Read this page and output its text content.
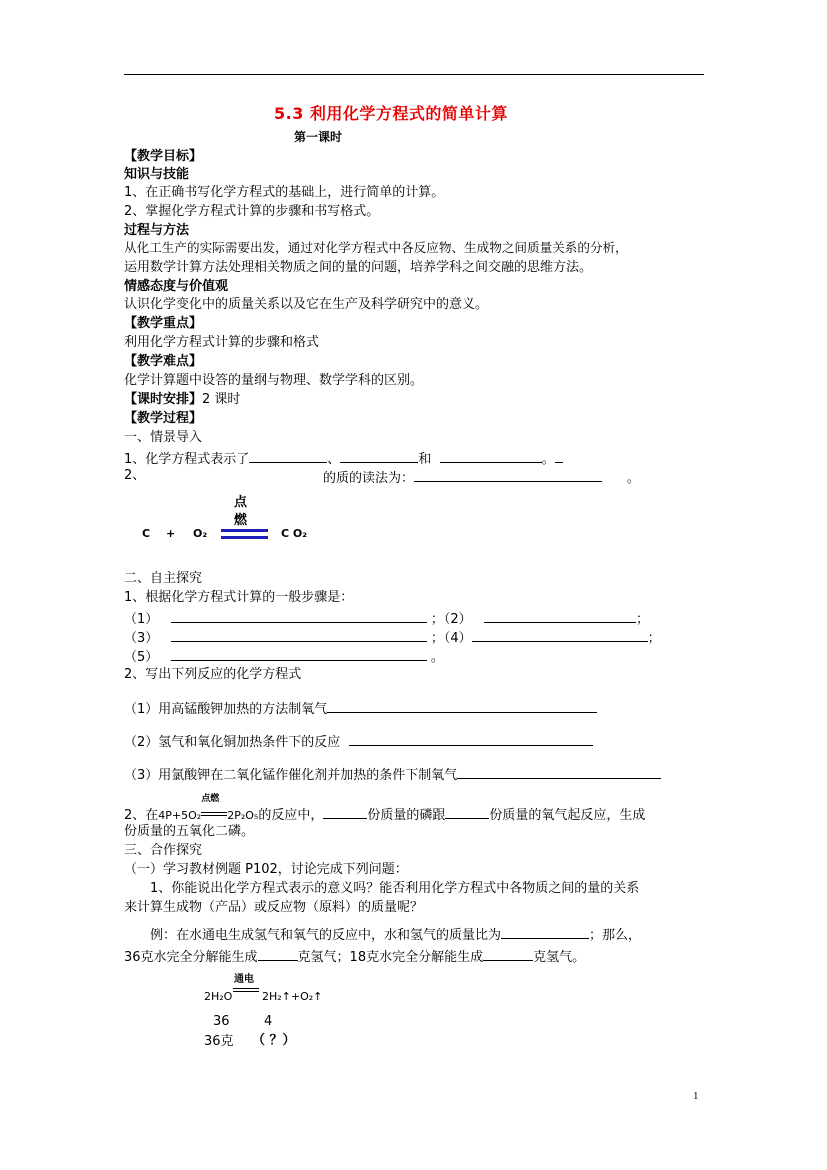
5.3 利用化学方程式的简单计算
第一课时
【教学目标】
知识与技能
1、在正确书写化学方程式的基础上，进行简单的计算。
2、掌握化学方程式计算的步骤和书写格式。
过程与方法
从化工生产的实际需要出发，通过对化学方程式中各反应物、生成物之间质量关系的分析，
运用数学计算方法处理相关物质之间的量的问题，培养学科之间交融的思维方法。
情感态度与价值观
认识化学变化中的质量关系以及它在生产及科学研究中的意义。
【教学重点】
利用化学方程式计算的步骤和格式
【教学难点】
化学计算题中设答的量纲与物理、数学学科的区别。
【课时安排】2 课时
【教学过程】
一、情景导入
1、化学方程式表示了	、	和	。
2、	的质的读法为：	。
C + O₂
点
燃
C O₂
二、自主探究
1、根据化学方程式计算的一般步骤是：
（1）	；（2）	；
（3）	；（4）	；
（5）	。
2、写出下列反应的化学方程式
（1）用高锰酸钾加热的方法制氧气
（2）氢气和氧化铜加热条件下的反应
（3）用氯酸钾在二氧化锰作催化剂并加热的条件下制氧气
2、在4P+5O₂
点燃
2P₂O₅的反应中，	份质量的磷跟	份质量的氧气起反应，生成
份质量的五氧化二磷。
三、合作探究
（一）学习教材例题 P102，讨论完成下列问题：
1、你能说出化学方程式表示的意义吗？能否利用化学方程式中各物质之间的量的关系
来计算生成物（产品）或反应物（原料）的质量呢？
例：在水通电生成氢气和氧气的反应中，水和氢气的质量比为	；那么，
36克水完全分解能生成	克氢气；18克水完全分解能生成	克氢气。
2H₂O
通电
2H₂↑+O₂↑
36	4
36克 （ ？）
1
